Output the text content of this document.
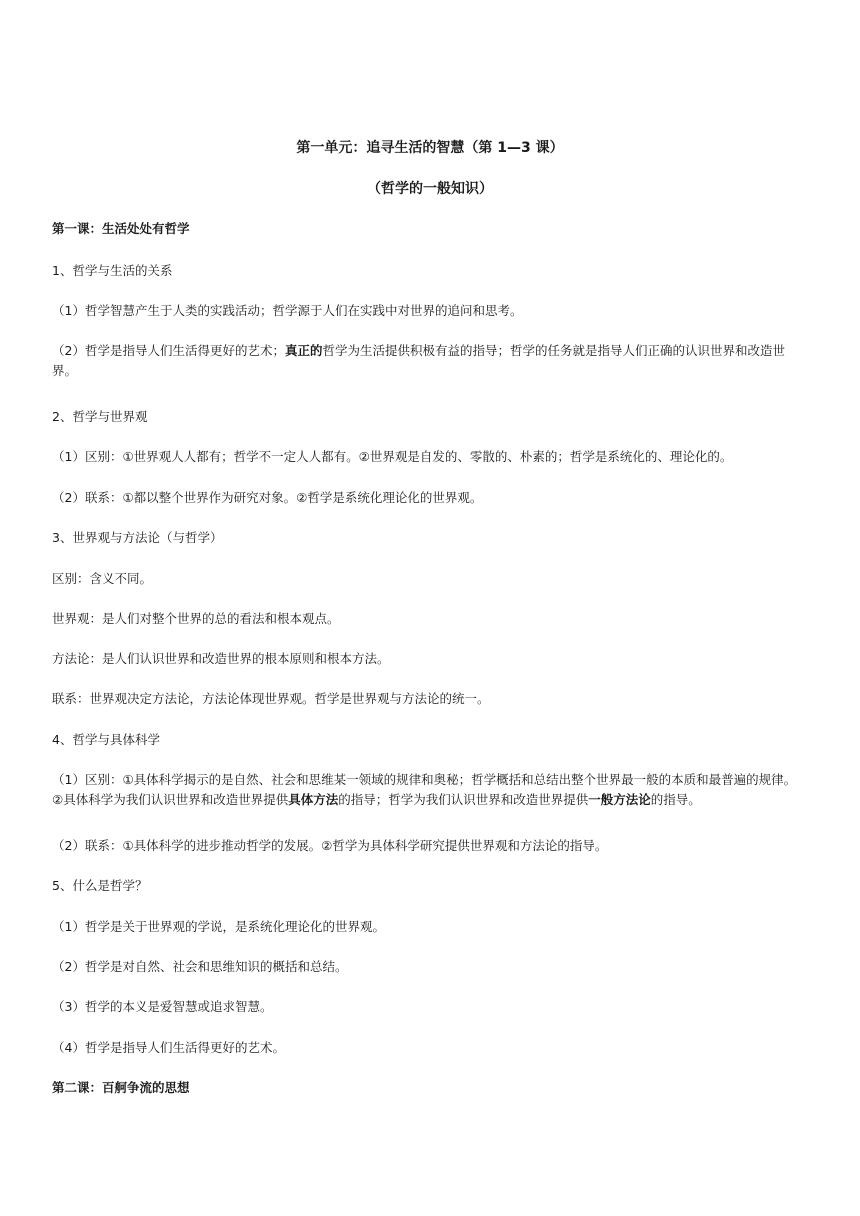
第一单元：追寻生活的智慧（第 1—3 课）
（哲学的一般知识）
第一课：生活处处有哲学
1、哲学与生活的关系
（1）哲学智慧产生于人类的实践活动；哲学源于人们在实践中对世界的追问和思考。
（2）哲学是指导人们生活得更好的艺术；真正的哲学为生活提供积极有益的指导；哲学的任务就是指导人们正确的认识世界和改造世
界。
2、哲学与世界观
（1）区别：①世界观人人都有；哲学不一定人人都有。②世界观是自发的、零散的、朴素的；哲学是系统化的、理论化的。
（2）联系：①都以整个世界作为研究对象。②哲学是系统化理论化的世界观。
3、世界观与方法论（与哲学）
区别：含义不同。
世界观：是人们对整个世界的总的看法和根本观点。
方法论：是人们认识世界和改造世界的根本原则和根本方法。
联系：世界观决定方法论，方法论体现世界观。哲学是世界观与方法论的统一。
4、哲学与具体科学
（1）区别：①具体科学揭示的是自然、社会和思维某一领域的规律和奥秘；哲学概括和总结出整个世界最一般的本质和最普遍的规律。
②具体科学为我们认识世界和改造世界提供具体方法的指导；哲学为我们认识世界和改造世界提供一般方法论的指导。
（2）联系：①具体科学的进步推动哲学的发展。②哲学为具体科学研究提供世界观和方法论的指导。
5、什么是哲学？
（1）哲学是关于世界观的学说，是系统化理论化的世界观。
（2）哲学是对自然、社会和思维知识的概括和总结。
（3）哲学的本义是爱智慧或追求智慧。
（4）哲学是指导人们生活得更好的艺术。
第二课：百舸争流的思想
